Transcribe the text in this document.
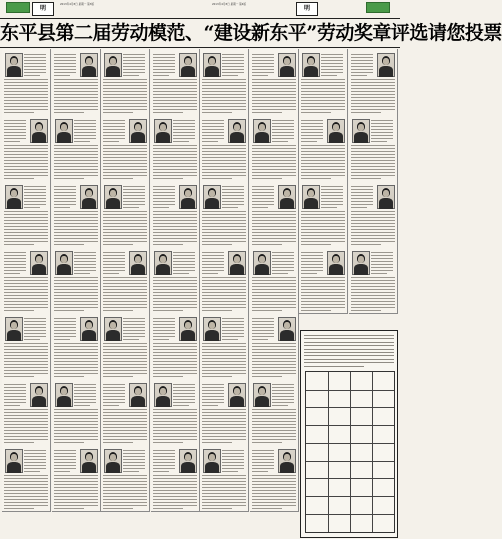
明
2013年4月8日 星期一 第3版	2013年4月8日 星期一 第4版
明
东平县第二届劳动模范、“建设新东平”劳动奖章评选请您投票
